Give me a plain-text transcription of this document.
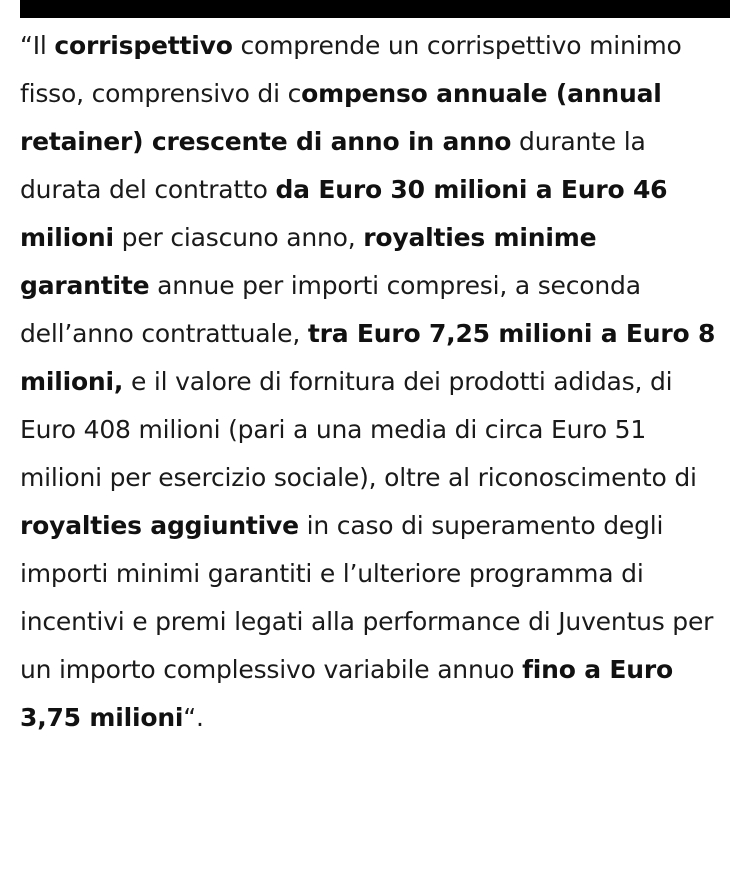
“Il corrispettivo comprende un corrispettivo minimo fisso, comprensivo di compenso annuale (annual retainer) crescente di anno in anno durante la durata del contratto da Euro 30 milioni a Euro 46 milioni per ciascuno anno, royalties minime garantite annue per importi compresi, a seconda dell’anno contrattuale, tra Euro 7,25 milioni a Euro 8 milioni, e il valore di fornitura dei prodotti adidas, di Euro 408 milioni (pari a una media di circa Euro 51 milioni per esercizio sociale), oltre al riconoscimento di royalties aggiuntive in caso di superamento degli importi minimi garantiti e l’ulteriore programma di incentivi e premi legati alla performance di Juventus per un importo complessivo variabile annuo fino a Euro 3,75 milioni“.
